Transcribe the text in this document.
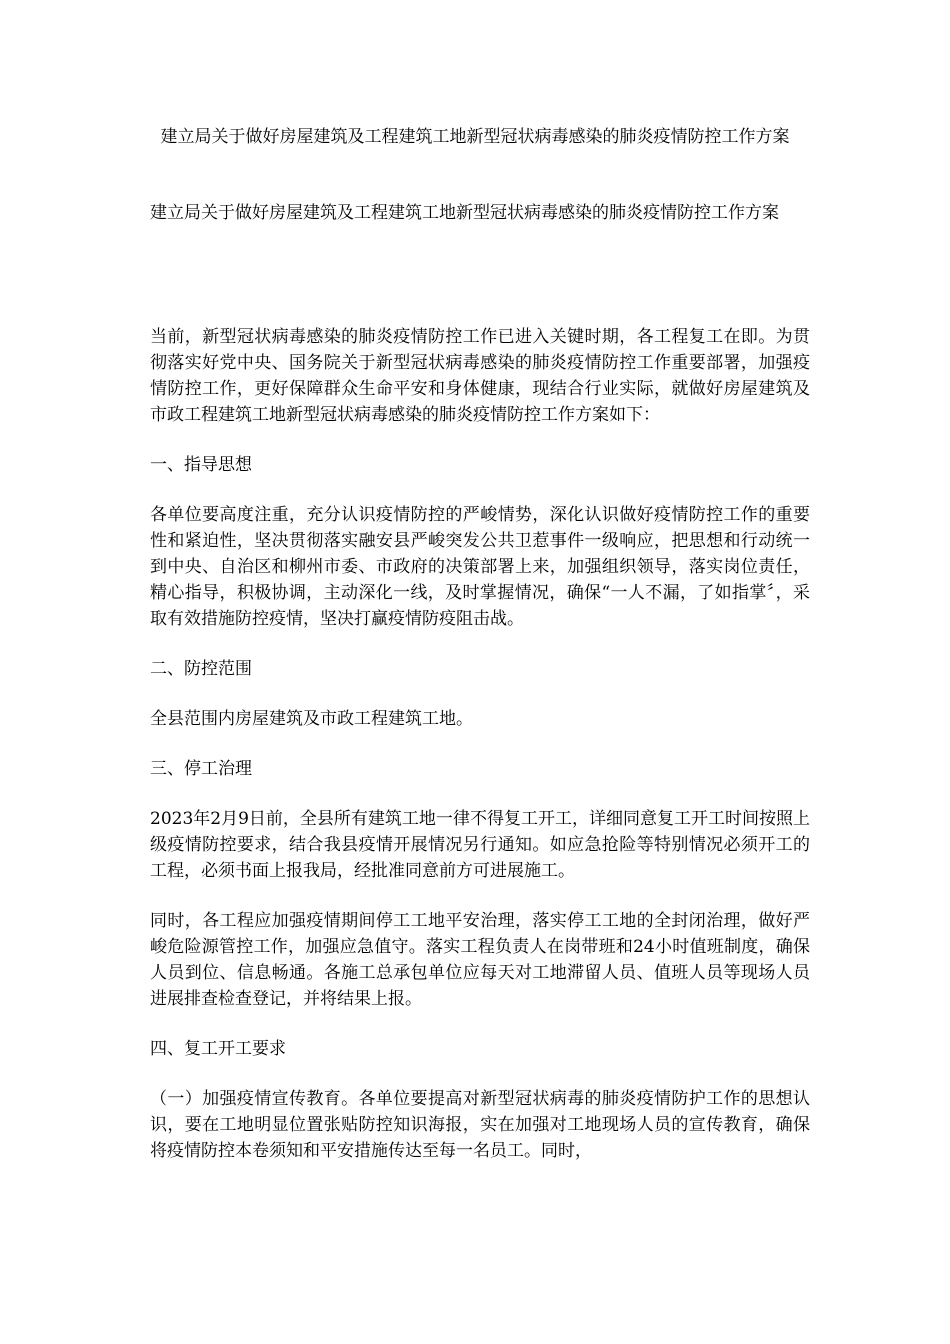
建立局关于做好房屋建筑及工程建筑工地新型冠状病毒感染的肺炎疫情防控工作方案
建立局关于做好房屋建筑及工程建筑工地新型冠状病毒感染的肺炎疫情防控工作方案

当前，新型冠状病毒感染的肺炎疫情防控工作已进入关键时期，各工程复工在即。为贯彻落实好党中央、国务院关于新型冠状病毒感染的肺炎疫情防控工作重要部署，加强疫情防控工作，更好保障群众生命平安和身体健康，现结合行业实际，就做好房屋建筑及市政工程建筑工地新型冠状病毒感染的肺炎疫情防控工作方案如下：

一、指导思想

各单位要高度注重，充分认识疫情防控的严峻情势，深化认识做好疫情防控工作的重要性和紧迫性，坚决贯彻落实融安县严峻突发公共卫惹事件一级响应，把思想和行动统一到中央、自治区和柳州市委、市政府的决策部署上来，加强组织领导，落实岗位责任，精心指导，积极协调，主动深化一线，及时掌握情况，确保“一人不漏，了如指掌〞，采取有效措施防控疫情，坚决打赢疫情防疫阻击战。

二、防控范围

全县范围内房屋建筑及市政工程建筑工地。

三、停工治理

2023年2月9日前，全县所有建筑工地一律不得复工开工，详细同意复工开工时间按照上级疫情防控要求，结合我县疫情开展情况另行通知。如应急抢险等特别情况必须开工的工程，必须书面上报我局，经批准同意前方可进展施工。

同时，各工程应加强疫情期间停工工地平安治理，落实停工工地的全封闭治理，做好严峻危险源管控工作，加强应急值守。落实工程负责人在岗带班和24小时值班制度，确保人员到位、信息畅通。各施工总承包单位应每天对工地滞留人员、值班人员等现场人员进展排查检查登记，并将结果上报。

四、复工开工要求

（一）加强疫情宣传教育。各单位要提高对新型冠状病毒的肺炎疫情防护工作的思想认识，要在工地明显位置张贴防控知识海报，实在加强对工地现场人员的宣传教育，确保将疫情防控本卷须知和平安措施传达至每一名员工。同时，
